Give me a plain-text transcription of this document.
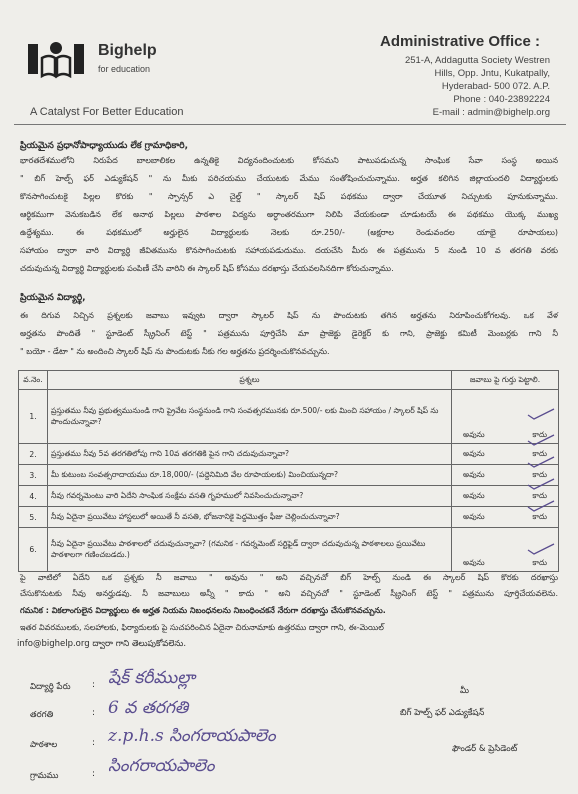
Bighelp
for education
A Catalyst For Better Education
Administrative Office :
251-A, Addagutta Society Westren
Hills, Opp. Jntu, Kukatpally,
Hyderabad- 500 072. A.P.
Phone : 040-23892224
E-mail : admin@bighelp.org
ప్రియమైన ప్రధానోపాధ్యాయుడు లేక గ్రామాధికారి,
భారతదేశములోని నిరుపేద బాలబాలికల ఉన్నతికై విద్యనందించుటకు కోసమని పాటుపడుచున్న సాంఘిక సేవా సంస్థ అయిన
" బిగ్ హెల్ప్ ఫర్ ఎడ్యుకేషన్ " ను మీకు పరిచయము చేయుటకు మేము సంతోషించుచున్నాము. అర్హత కలిగిన జిల్లాయందలి విద్యార్థులకు
కొనసాగించుటకై పిల్లల కొరకు " స్పాన్సర్ ఎ చైల్డ్ " స్కాలర్ షిప్ పథకము ద్వారా చేయూత నిచ్చుటకు పూనుకున్నాము.
ఆర్థికముగా వెనుకబడిన లేక అనాథ పిల్లలు పాఠశాల విద్యను అర్ధాంతరముగా నిలిపి వేయకుండా చూడుటయే ఈ పథకము యొక్క ముఖ్య
ఉద్దేశ్యము. ఈ పథకములో అర్హులైన విద్యార్థులకు నెలకు రూ.250/- (అక్షరాల రెండువందల యాభై రూపాయలు)
సహాయం ద్వారా వారి విద్యార్థి జీవితమును కొనసాగించుటకు సహాయపడుదుము. దయచేసి మీరు ఈ పత్రమును 5 నుండి 10 వ తరగతి వరకు
చదువుచున్న విద్యార్థి విద్యార్థులకు పంపిణీ చేసి వారిని ఈ స్కాలర్ షిప్ కోసము దరఖాస్తు చేయవలసినదిగా కోరుచున్నాము.
ప్రియమైన విద్యార్థి,
ఈ దిగువ నిచ్చిన ప్రశ్నలకు జవాబు ఇవ్వుట ద్వారా స్కాలర్ షిప్ ను పొందుటకు తగిన అర్హతను నిరూపించుకోగలవు. ఒక వేళ
అర్హతను పొందితే " స్టూడెంట్ స్క్రీనింగ్ టెస్ట్ " పత్రమును పూర్తిచేసి మా ప్రాజెక్టు డైరెక్టర్ కు గాని, ప్రాజెక్టు కమిటీ మెంబర్లకు గాని నీ
" బయో - డేటా " ను అందించి స్కాలర్ షిప్ ను పొందుటకు నీకు గల అర్హతను ప్రదర్శించుకొనవచ్చును.
వ.నెం.	ప్రశ్నలు	జవాబు పై గుర్తు పెట్టాలి.
1.	ప్రస్తుతము నీవు ప్రభుత్వమునుండి గాని ప్రైవేట సంస్థనుండి గాని సంవత్సరమునకు రూ.500/- లకు మించి సహాయం / స్కాలర్ షిప్ ను పొందుచున్నావా?	అవును కాదు

2.	ప్రస్తుతము నీవు 5వ తరగతిలోపు గాని 10వ తరగతికి పైన గాని చదువుచున్నావా?	అవును కాదు

3.	మీ కుటుంబ సంవత్సరాదాయము రూ.18,000/- (పద్దెనిమిది వేల రూపాయలకు) మించియున్నదా?	అవును కాదు

4.	నీవు గవర్నమెంటు వారి ఏదేని సాంఘిక సంక్షేమ వసతి గృహములో నివసించుచున్నావా?	అవును కాదు

5.	నీవు ఏదైనా ప్రయివేటు హాస్టలులో అయితే నీ వసతి, భోజనానికై పెద్దమొత్తం ఫీజు చెల్లించుచున్నావా?	అవును కాదు

6.	నీవు ఏదైనా ప్రయివేటు పాఠశాలలో చదువుచున్నావా? (గమనిక - గవర్నమెంట్ సర్టిఫైడ్ ద్వారా చదువుచున్న పాఠశాలలు ప్రయివేటు పాఠశాలగా గణించబడదు.)	అవును కాదు
పై వాటిలో ఏదేని ఒక ప్రశ్నకు నీ జవాబు " అవును " అని వచ్చినచో బిగ్ హెల్ప్ నుండి ఈ స్కాలర్ షిప్ కొరకు దరఖాస్తు
చేసుకొనుటకు నీవు అనర్హుడవు. నీ జవాబులు అన్నీ " కాదు " అని వచ్చినచో " స్టూడెంట్ స్క్రీనింగ్ టెస్ట్ " పత్రమును పూర్తిచేయవలెను.
గమనిక : వికలాంగులైన విద్యార్థులు ఈ అర్హత నియమ నిబంధనలను నిబంధించకనే నేరుగా దరఖాస్తు చేసుకొనవచ్చును.
ఇతర వివరములకు, సలహాలకు, ఫిర్యాదులకు పై సుచపరించిన ఏదైనా చిరునామాకు ఉత్తరము ద్వారా గాని, ఈ-మెయిల్
info@bighelp.org ద్వారా గాని తెలుపుకోవలెను.
విద్యార్థి పేరు : షేక్ కరీముల్లా
తరగతి	: 6 వ తరగతి
పాఠశాల	: z.p.h.s సింగరాయపాలెం
గ్రామము	: సింగరాయపాలెం
మీ
బిగ్ హెల్ప్ ఫర్ ఎడ్యుకేషన్
ఫౌండర్ & ప్రెసిడెంట్
